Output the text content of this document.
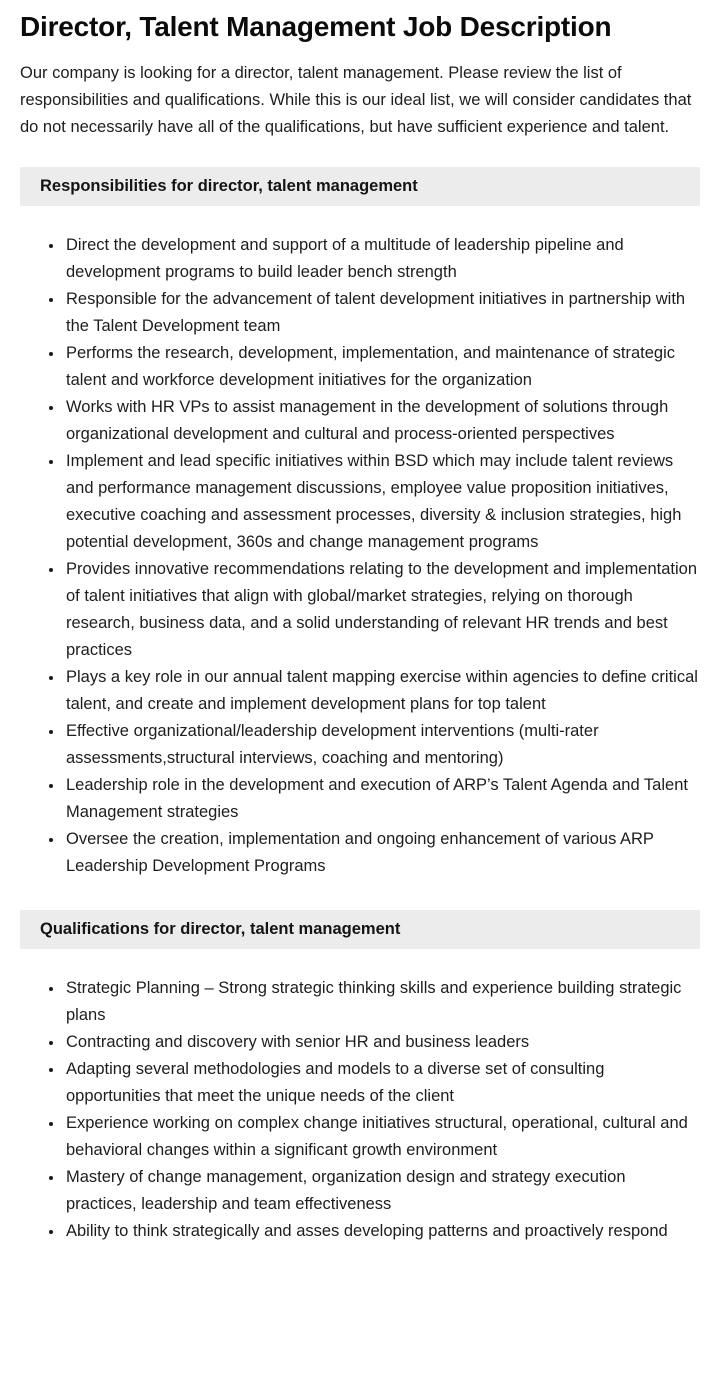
Director, Talent Management Job Description

Our company is looking for a director, talent management. Please review the list of responsibilities and qualifications. While this is our ideal list, we will consider candidates that do not necessarily have all of the qualifications, but have sufficient experience and talent.

Responsibilities for director, talent management
• Direct the development and support of a multitude of leadership pipeline and development programs to build leader bench strength
• Responsible for the advancement of talent development initiatives in partnership with the Talent Development team
• Performs the research, development, implementation, and maintenance of strategic talent and workforce development initiatives for the organization
• Works with HR VPs to assist management in the development of solutions through organizational development and cultural and process-oriented perspectives
• Implement and lead specific initiatives within BSD which may include talent reviews and performance management discussions, employee value proposition initiatives, executive coaching and assessment processes, diversity & inclusion strategies, high potential development, 360s and change management programs
• Provides innovative recommendations relating to the development and implementation of talent initiatives that align with global/market strategies, relying on thorough research, business data, and a solid understanding of relevant HR trends and best practices
• Plays a key role in our annual talent mapping exercise within agencies to define critical talent, and create and implement development plans for top talent
• Effective organizational/leadership development interventions (multi-rater assessments,structural interviews, coaching and mentoring)
• Leadership role in the development and execution of ARP’s Talent Agenda and Talent Management strategies
• Oversee the creation, implementation and ongoing enhancement of various ARP Leadership Development Programs
Qualifications for director, talent management
• Strategic Planning – Strong strategic thinking skills and experience building strategic plans
• Contracting and discovery with senior HR and business leaders
• Adapting several methodologies and models to a diverse set of consulting opportunities that meet the unique needs of the client
• Experience working on complex change initiatives structural, operational, cultural and behavioral changes within a significant growth environment
• Mastery of change management, organization design and strategy execution practices, leadership and team effectiveness
• Ability to think strategically and asses developing patterns and proactively respond
